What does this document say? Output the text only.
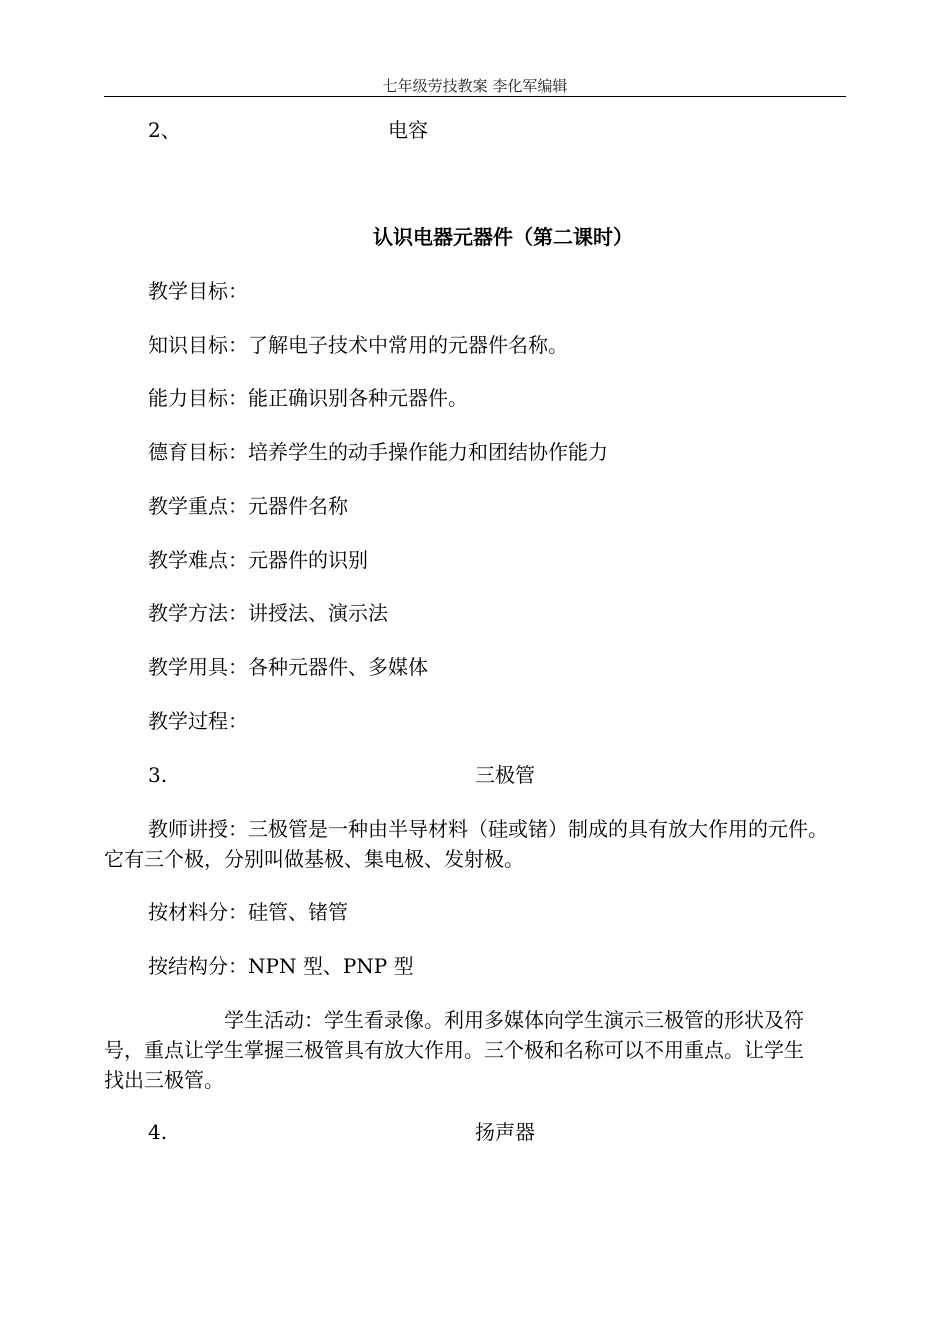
七年级劳技教案 李化军编辑
2、	电容
认识电器元器件（第二课时）
教学目标：
知识目标：了解电子技术中常用的元器件名称。
能力目标：能正确识别各种元器件。
德育目标：培养学生的动手操作能力和团结协作能力
教学重点：元器件名称
教学难点：元器件的识别
教学方法：讲授法、演示法
教学用具：各种元器件、多媒体
教学过程：
3.	三极管
教师讲授：三极管是一种由半导材料（硅或锗）制成的具有放大作用的元件。
它有三个极，分别叫做基极、集电极、发射极。
按材料分：硅管、锗管
按结构分：NPN 型、PNP 型
学生活动：学生看录像。利用多媒体向学生演示三极管的形状及符
号，重点让学生掌握三极管具有放大作用。三个极和名称可以不用重点。让学生
找出三极管。
4.	扬声器
